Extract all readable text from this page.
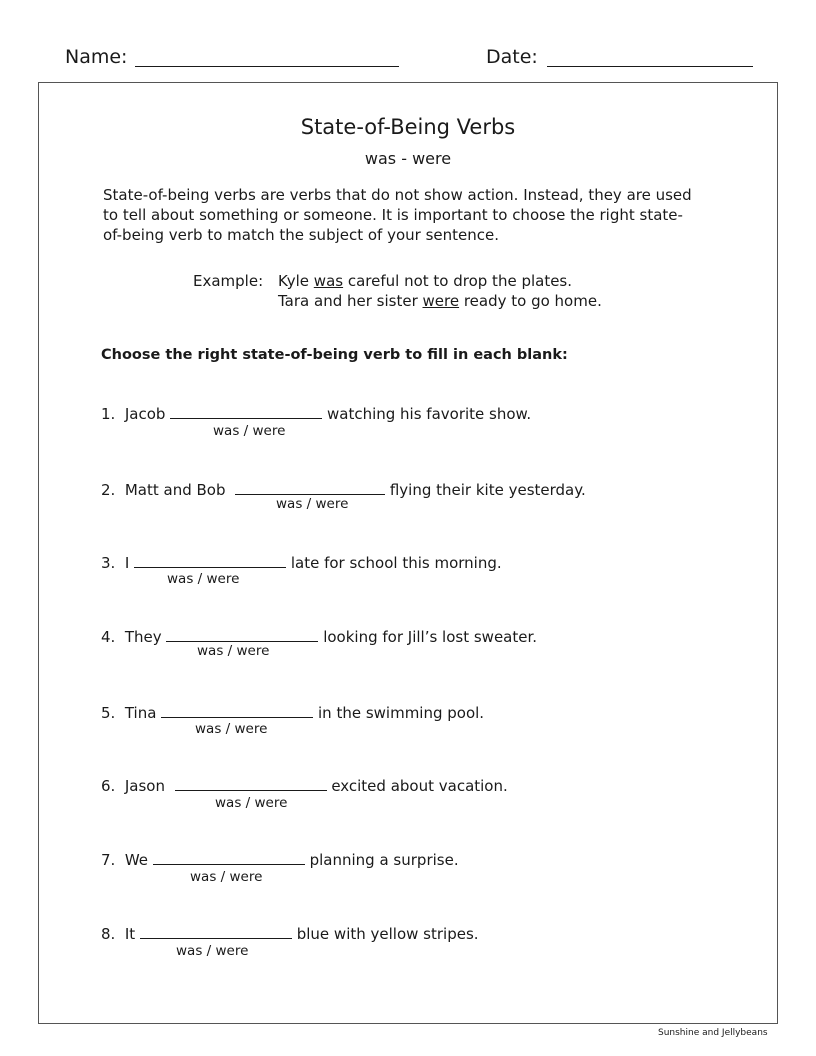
Name:	Date:
State-of-Being Verbs
was - were
State-of-being verbs are verbs that do not show action. Instead, they are used
to tell about something or someone. It is important to choose the right state-
of-being verb to match the subject of your sentence.
Example: Kyle was careful not to drop the plates.
Tara and her sister were ready to go home.
Choose the right state-of-being verb to fill in each blank:
1. Jacob	watching his favorite show.
was / were
2. Matt and Bob	flying their kite yesterday.
was / were
3. I	late for school this morning.
was / were
4. They	looking for Jill’s lost sweater.
was / were
5. Tina	in the swimming pool.
was / were
6. Jason	excited about vacation.
was / were
7. We	planning a surprise.
was / were
8. It	blue with yellow stripes.
was / were
Sunshine and Jellybeans
